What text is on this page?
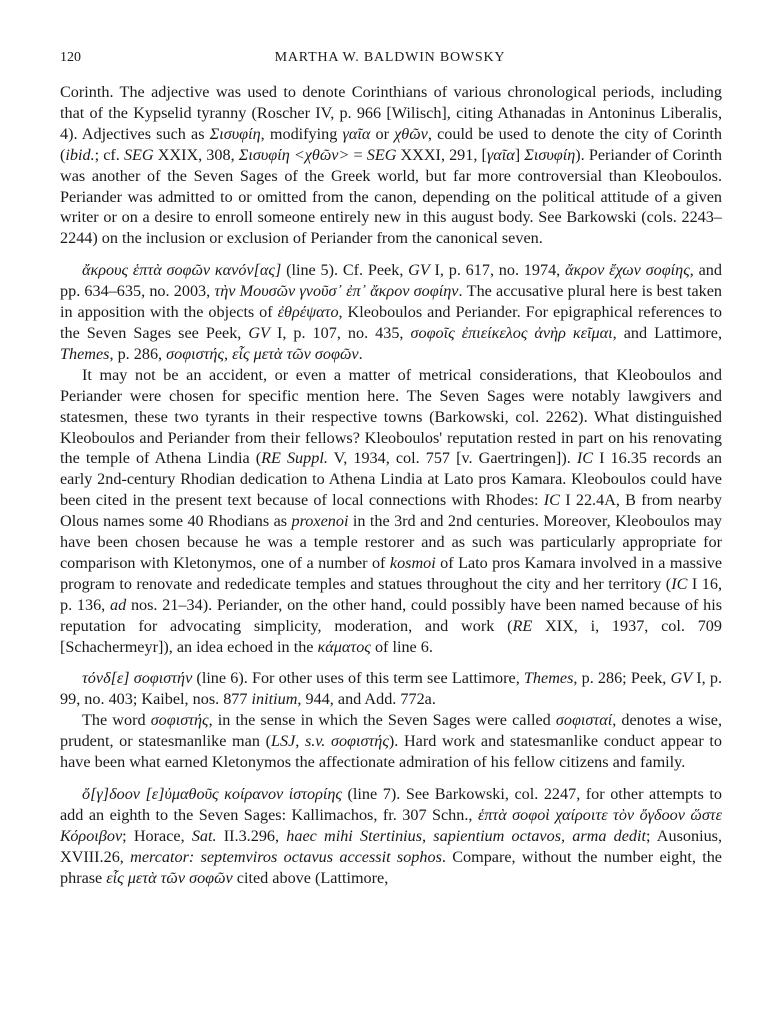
120	MARTHA W. BALDWIN BOWSKY

Corinth. The adjective was used to denote Corinthians of various chronological periods, including that of the Kypselid tyranny (Roscher IV, p. 966 [Wilisch], citing Athanadas in Antoninus Liberalis, 4). Adjectives such as Σισυφίη, modifying γαῖα or χθῶν, could be used to denote the city of Corinth (ibid.; cf. SEG XXIX, 308, Σισυφίη <χθῶν> = SEG XXXI, 291, [γαῖα] Σισυφίη). Periander of Corinth was another of the Seven Sages of the Greek world, but far more controversial than Kleoboulos. Periander was admitted to or omitted from the canon, depending on the political attitude of a given writer or on a desire to enroll someone entirely new in this august body. See Barkowski (cols. 2243–2244) on the inclusion or exclusion of Periander from the canonical seven.

ἄκρους ἑπτὰ σοφῶν κανόν[ας] (line 5). Cf. Peek, GV I, p. 617, no. 1974, ἄκρον ἔχων σοφίης, and pp. 634–635, no. 2003, τὴν Μουσῶν γνοῦσ᾽ ἐπ᾽ ἄκρον σοφίην. The accusative plural here is best taken in apposition with the objects of ἐθρέψατο, Kleoboulos and Periander. For epigraphical references to the Seven Sages see Peek, GV I, p. 107, no. 435, σοφοῖς ἐπιείκελος ἀνὴρ κεῖμαι, and Lattimore, Themes, p. 286, σοφιστής, εἷς μετὰ τῶν σοφῶν.

It may not be an accident, or even a matter of metrical considerations, that Kleoboulos and Periander were chosen for specific mention here. The Seven Sages were notably lawgivers and statesmen, these two tyrants in their respective towns (Barkowski, col. 2262). What distinguished Kleoboulos and Periander from their fellows? Kleoboulos' reputation rested in part on his renovating the temple of Athena Lindia (RE Suppl. V, 1934, col. 757 [v. Gaertringen]). IC I 16.35 records an early 2nd-century Rhodian dedication to Athena Lindia at Lato pros Kamara. Kleoboulos could have been cited in the present text because of local connections with Rhodes: IC I 22.4A, B from nearby Olous names some 40 Rhodians as proxenoi in the 3rd and 2nd centuries. Moreover, Kleoboulos may have been chosen because he was a temple restorer and as such was particularly appropriate for comparison with Kletonymos, one of a number of kosmoi of Lato pros Kamara involved in a massive program to renovate and rededicate temples and statues throughout the city and her territory (IC I 16, p. 136, ad nos. 21–34). Periander, on the other hand, could possibly have been named because of his reputation for advocating simplicity, moderation, and work (RE XIX, i, 1937, col. 709 [Schachermeyr]), an idea echoed in the κάματος of line 6.

τόνδ[ε] σοφιστήν (line 6). For other uses of this term see Lattimore, Themes, p. 286; Peek, GV I, p. 99, no. 403; Kaibel, nos. 877 initium, 944, and Add. 772a.

The word σοφιστής, in the sense in which the Seven Sages were called σοφισταί, denotes a wise, prudent, or statesmanlike man (LSJ, s.v. σοφιστής). Hard work and statesmanlike conduct appear to have been what earned Kletonymos the affectionate admiration of his fellow citizens and family.

ὄ[γ]δοον [ε]ὐμαθοῦς κοίρανον ἱστορίης (line 7). See Barkowski, col. 2247, for other attempts to add an eighth to the Seven Sages: Kallimachos, fr. 307 Schn., ἑπτὰ σοφοὶ χαίροιτε τὸν ὄγδοον ὥστε Κόροιβον; Horace, Sat. II.3.296, haec mihi Stertinius, sapientium octavos, arma dedit; Ausonius, XVIII.26, mercator: septemviros octavus accessit sophos. Compare, without the number eight, the phrase εἷς μετὰ τῶν σοφῶν cited above (Lattimore,
